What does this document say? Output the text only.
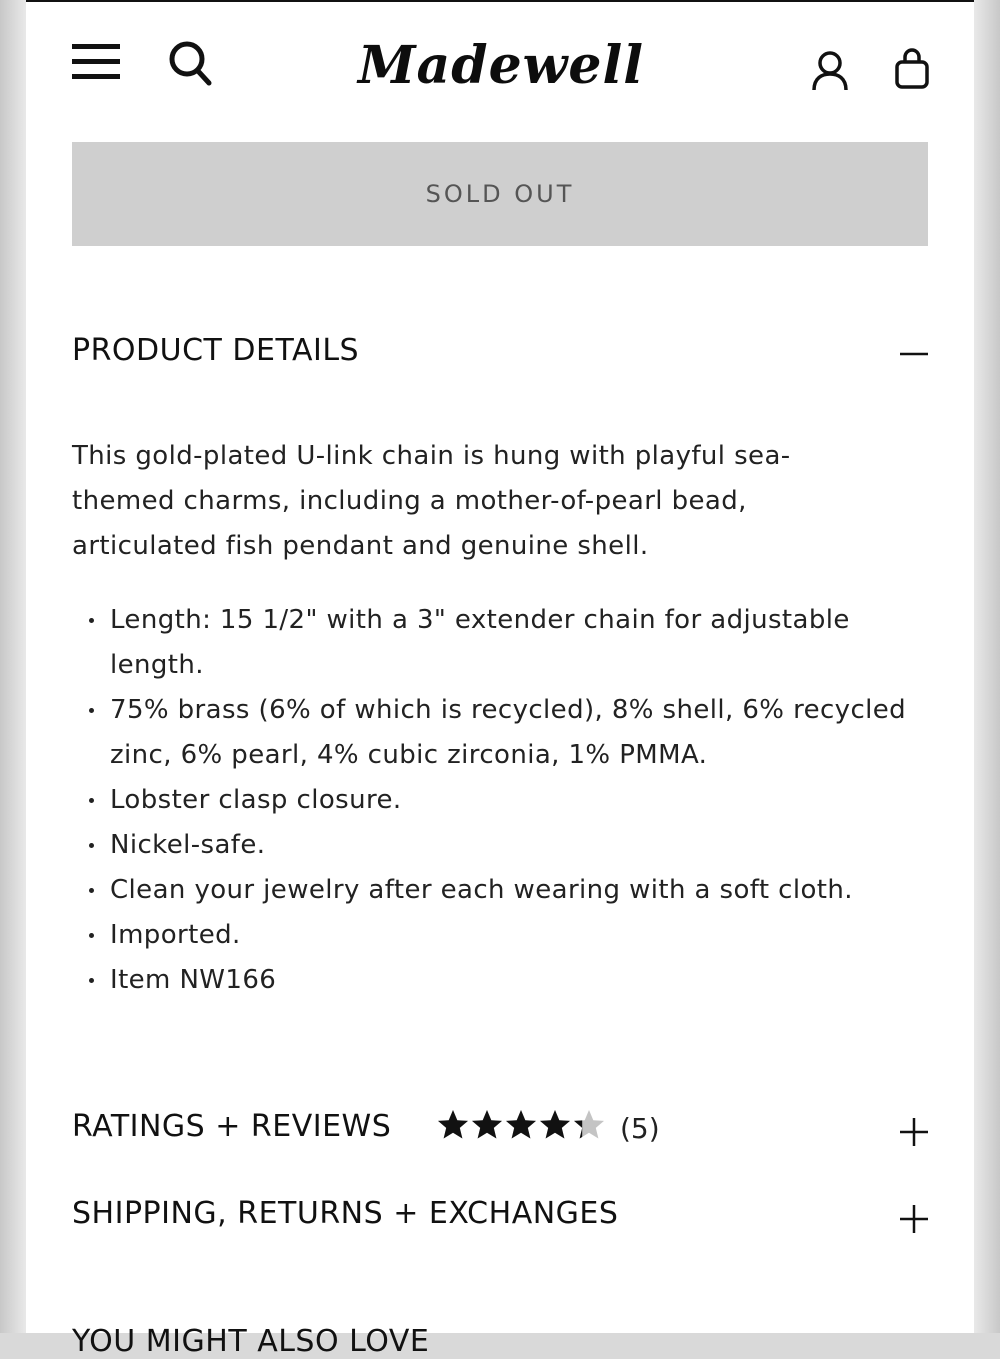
Madewell
SOLD OUT
PRODUCT DETAILS

This gold-plated U-link chain is hung with playful sea-themed charms, including a mother-of-pearl bead, articulated fish pendant and genuine shell.

Length: 15 1/2" with a 3" extender chain for adjustable length.
75% brass (6% of which is recycled), 8% shell, 6% recycled zinc, 6% pearl, 4% cubic zirconia, 1% PMMA.
Lobster clasp closure.
Nickel-safe.
Clean your jewelry after each wearing with a soft cloth.
Imported.
Item NW166
RATINGS + REVIEWS	(5)
SHIPPING, RETURNS + EXCHANGES
YOU MIGHT ALSO LOVE
